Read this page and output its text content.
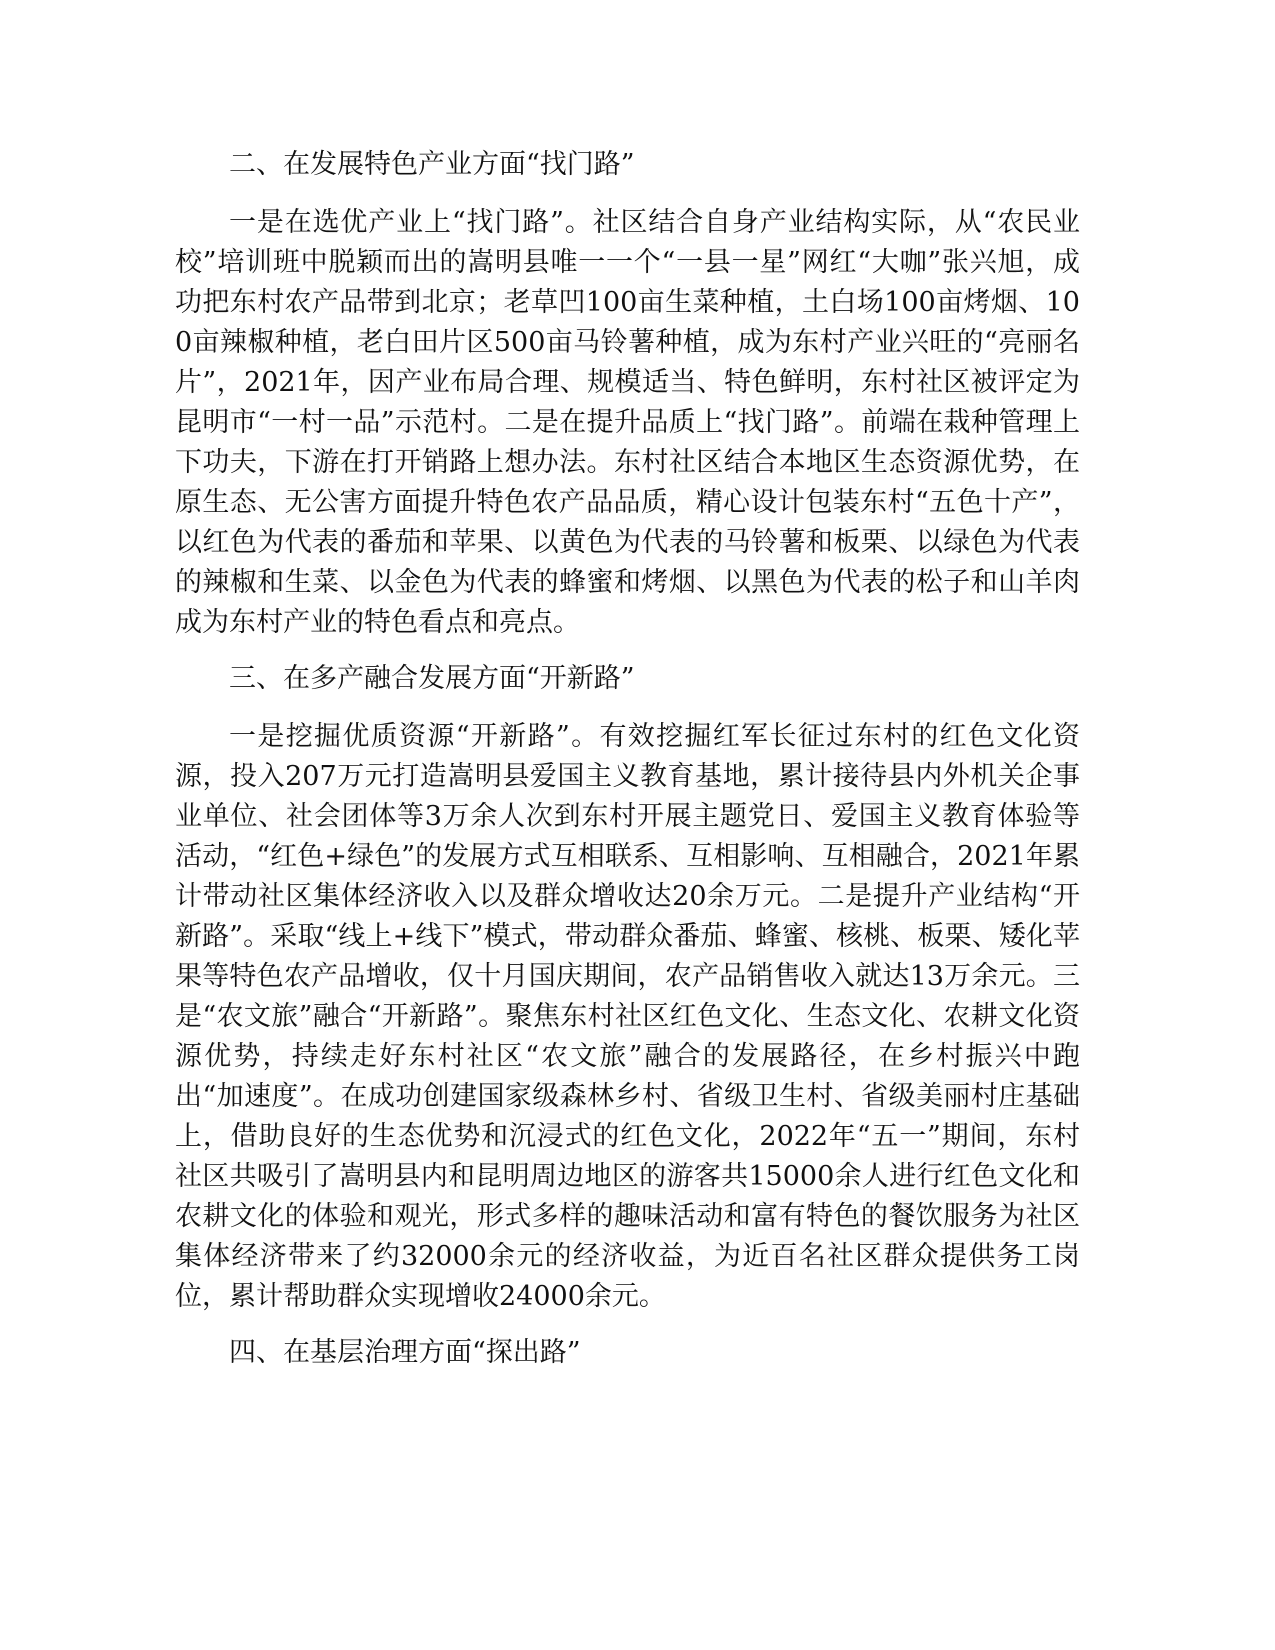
二、在发展特色产业方面“找门路”

一是在选优产业上“找门路”。社区结合自身产业结构实际，从“农民业校”培训班中脱颖而出的嵩明县唯一一个“一县一星”网红“大咖”张兴旭，成功把东村农产品带到北京；老草凹100亩生菜种植，土白场100亩烤烟、100亩辣椒种植，老白田片区500亩马铃薯种植，成为东村产业兴旺的“亮丽名片”，2021年，因产业布局合理、规模适当、特色鲜明，东村社区被评定为昆明市“一村一品”示范村。二是在提升品质上“找门路”。前端在栽种管理上下功夫，下游在打开销路上想办法。东村社区结合本地区生态资源优势，在原生态、无公害方面提升特色农产品品质，精心设计包装东村“五色十产”，以红色为代表的番茄和苹果、以黄色为代表的马铃薯和板栗、以绿色为代表的辣椒和生菜、以金色为代表的蜂蜜和烤烟、以黑色为代表的松子和山羊肉成为东村产业的特色看点和亮点。

三、在多产融合发展方面“开新路”

一是挖掘优质资源“开新路”。有效挖掘红军长征过东村的红色文化资源，投入207万元打造嵩明县爱国主义教育基地，累计接待县内外机关企事业单位、社会团体等3万余人次到东村开展主题党日、爱国主义教育体验等活动，“红色+绿色”的发展方式互相联系、互相影响、互相融合，2021年累计带动社区集体经济收入以及群众增收达20余万元。二是提升产业结构“开新路”。采取“线上+线下”模式，带动群众番茄、蜂蜜、核桃、板栗、矮化苹果等特色农产品增收，仅十月国庆期间，农产品销售收入就达13万余元。三是“农文旅”融合“开新路”。聚焦东村社区红色文化、生态文化、农耕文化资源优势，持续走好东村社区“农文旅”融合的发展路径，在乡村振兴中跑出“加速度”。在成功创建国家级森林乡村、省级卫生村、省级美丽村庄基础上，借助良好的生态优势和沉浸式的红色文化，2022年“五一”期间，东村社区共吸引了嵩明县内和昆明周边地区的游客共15000余人进行红色文化和农耕文化的体验和观光，形式多样的趣味活动和富有特色的餐饮服务为社区集体经济带来了约32000余元的经济收益，为近百名社区群众提供务工岗位，累计帮助群众实现增收24000余元。

四、在基层治理方面“探出路”
